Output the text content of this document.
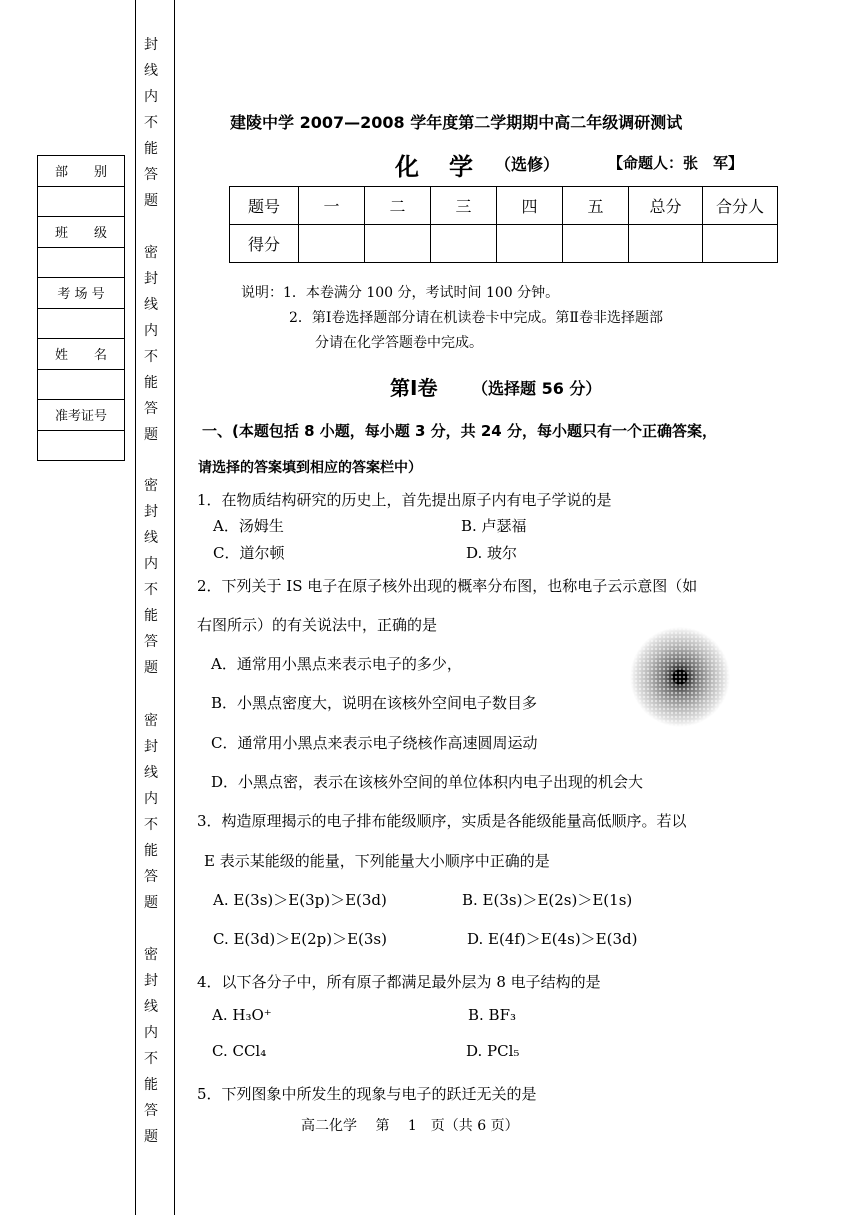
封
线
内
不
能
答
题
密
封
线
内
不
能
答
题
密
封
线
内
不
能
答
题
密
封
线
内
不
能
答
题
密
封
线
内
不
能
答
题
部　　别

班　　级

考 场 号

姓　　名

准考证号

建陵中学 2007—2008 学年度第二学期期中高二年级调研测试
化学
（选修）	【命题人：张　军】
题号	一	二	三	四	五	总分	合分人
得分							
说明：1．本卷满分 100 分，考试时间 100 分钟。
2．第Ⅰ卷选择题部分请在机读卷卡中完成。第Ⅱ卷非选择题部
分请在化学答题卷中完成。
第Ⅰ卷 （选择题 56 分）
一、(本题包括 8 小题，每小题 3 分，共 24 分，每小题只有一个正确答案，
请选择的答案填到相应的答案栏中）
1．在物质结构研究的历史上，首先提出原子内有电子学说的是
A．汤姆生	B. 卢瑟福
C．道尔顿	D. 玻尔
2．下列关于 IS 电子在原子核外出现的概率分布图，也称电子云示意图（如
右图所示）的有关说法中，正确的是
A．通常用小黑点来表示电子的多少，
B．小黑点密度大，说明在该核外空间电子数目多
C．通常用小黑点来表示电子绕核作高速圆周运动
D．小黑点密，表示在该核外空间的单位体积内电子出现的机会大
3．构造原理揭示的电子排布能级顺序，实质是各能级能量高低顺序。若以
E 表示某能级的能量，下列能量大小顺序中正确的是
A. E(3s)＞E(3p)＞E(3d)	B. E(3s)＞E(2s)＞E(1s)
C. E(3d)＞E(2p)＞E(3s)	D. E(4f)＞E(4s)＞E(3d)
4．以下各分子中，所有原子都满足最外层为 8 电子结构的是
A. H₃O⁺	B. BF₃
C. CCl₄	D. PCl₅
5．下列图象中所发生的现象与电子的跃迁无关的是
高二化学　 第　 1　页（共 6 页）
